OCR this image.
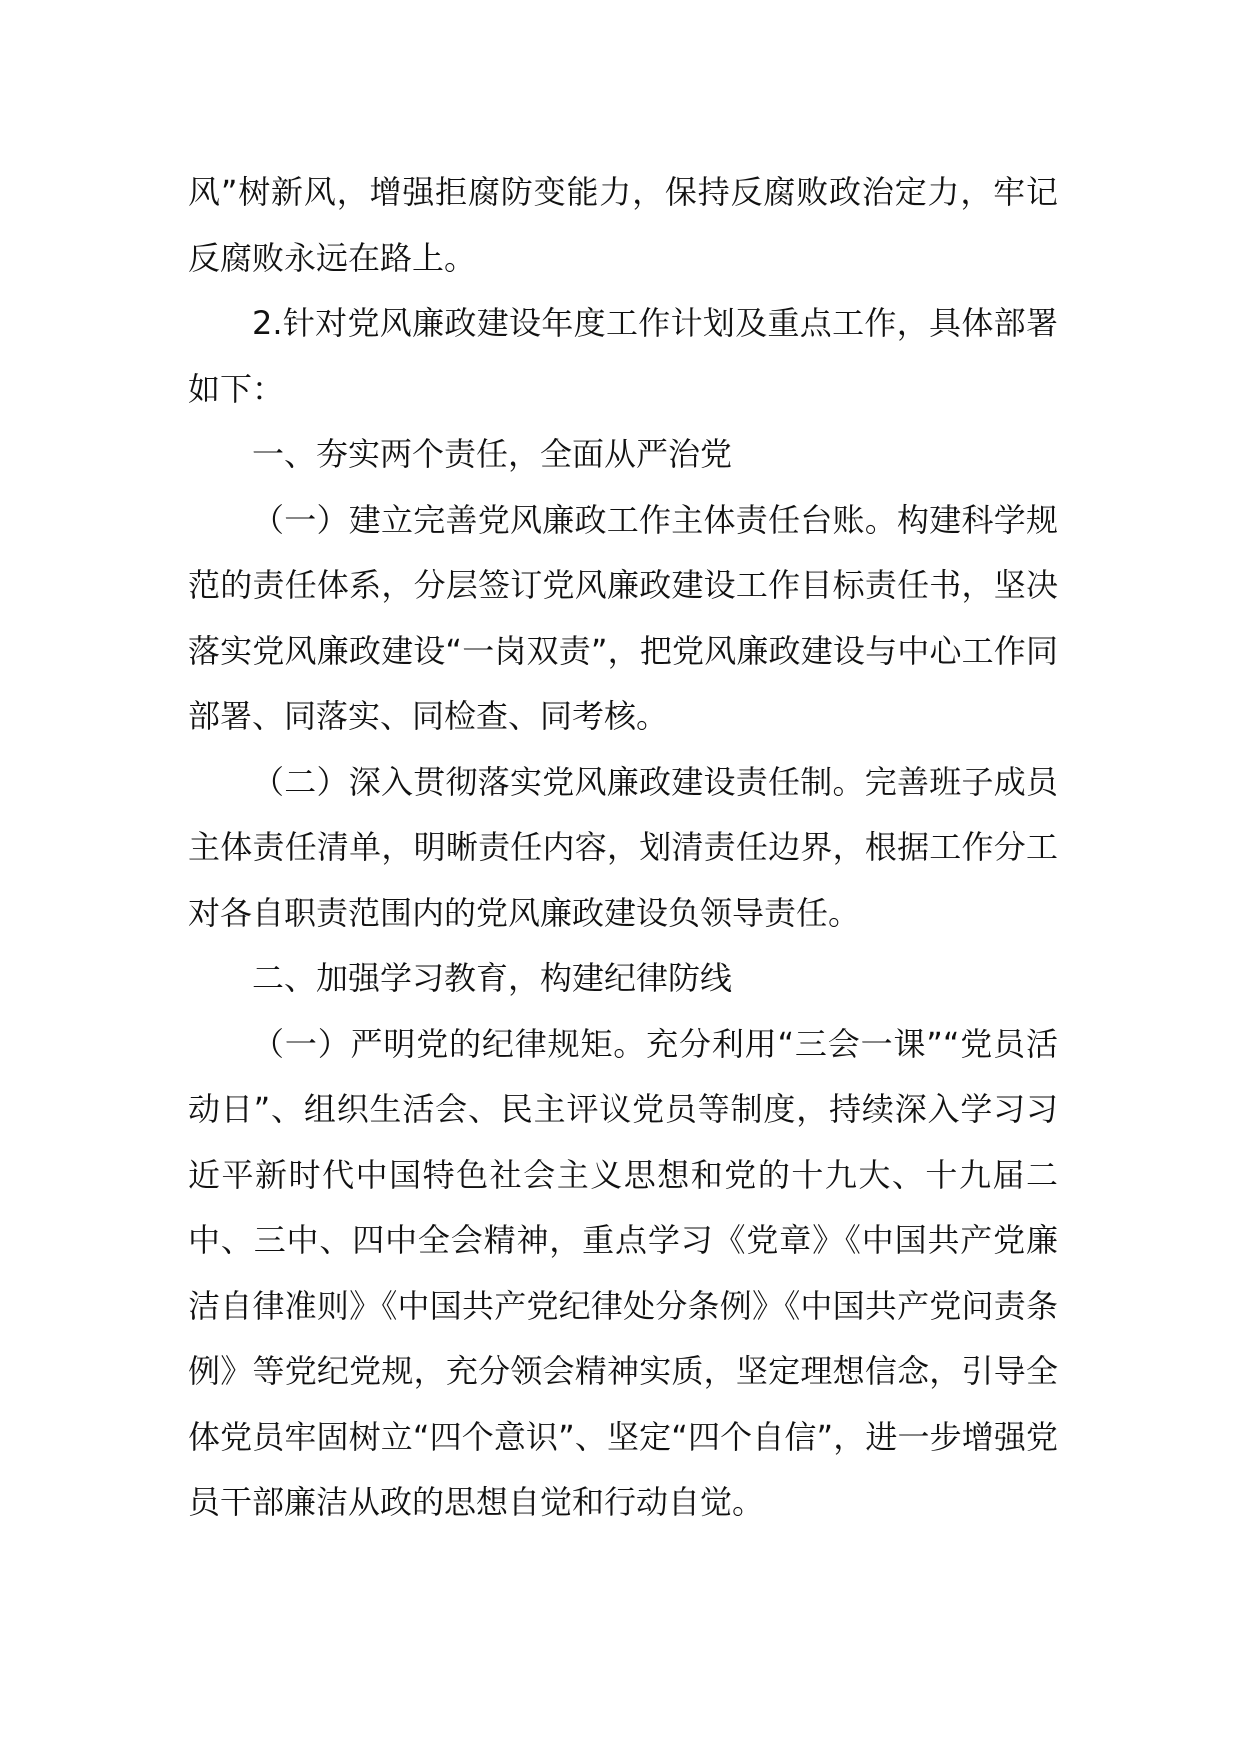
风”树新风，增强拒腐防变能力，保持反腐败政治定力，牢记反腐败永远在路上。

2.针对党风廉政建设年度工作计划及重点工作，具体部署如下：

一、夯实两个责任，全面从严治党

（一）建立完善党风廉政工作主体责任台账。构建科学规范的责任体系，分层签订党风廉政建设工作目标责任书，坚决落实党风廉政建设“一岗双责”，把党风廉政建设与中心工作同部署、同落实、同检查、同考核。

（二）深入贯彻落实党风廉政建设责任制。完善班子成员主体责任清单，明晰责任内容，划清责任边界，根据工作分工对各自职责范围内的党风廉政建设负领导责任。

二、加强学习教育，构建纪律防线

（一）严明党的纪律规矩。充分利用“三会一课”“党员活动日”、组织生活会、民主评议党员等制度，持续深入学习习近平新时代中国特色社会主义思想和党的十九大、十九届二中、三中、四中全会精神，重点学习《党章》《中国共产党廉洁自律准则》《中国共产党纪律处分条例》《中国共产党问责条例》等党纪党规，充分领会精神实质，坚定理想信念，引导全体党员牢固树立“四个意识”、坚定“四个自信”，进一步增强党员干部廉洁从政的思想自觉和行动自觉。
